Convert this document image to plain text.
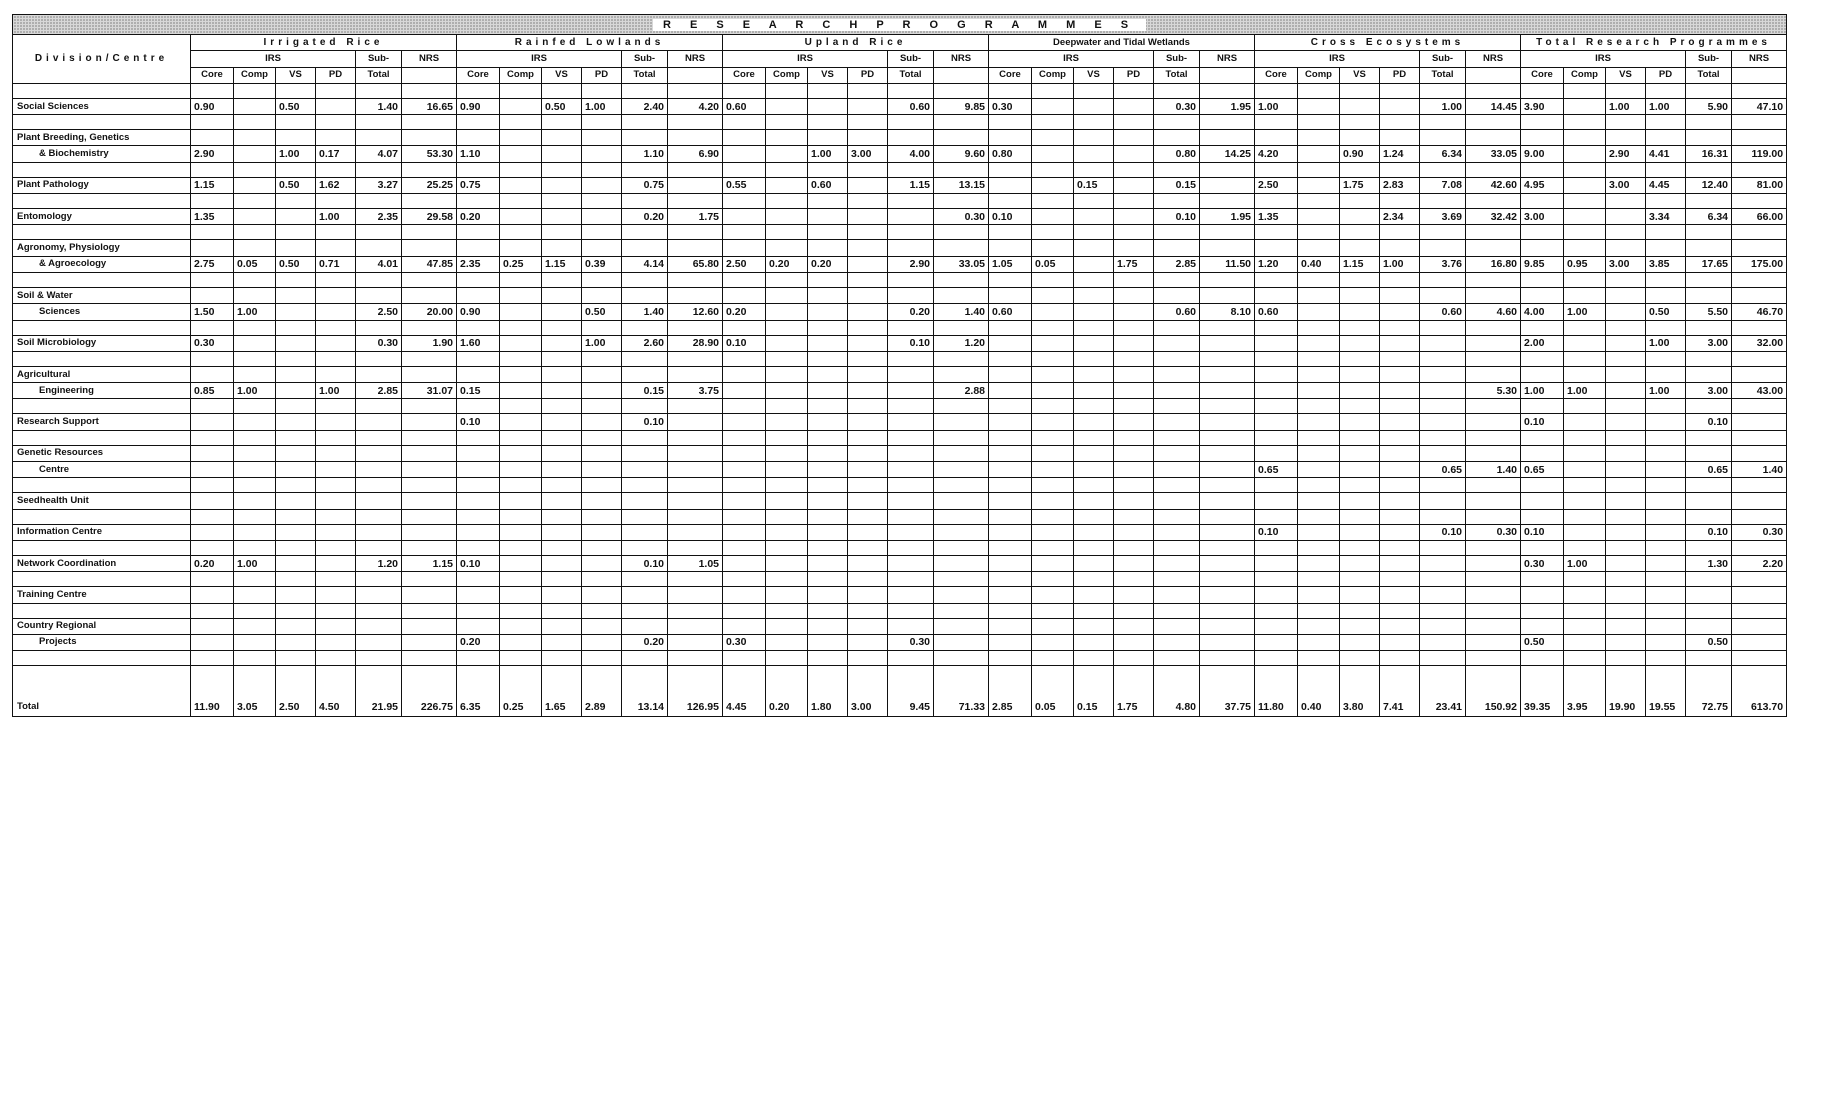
R E S E A R C H P R O G R A M M E S																																				
Division/Centre	Irrigated Rice						Rainfed Lowlands						Upland Rice						Deepwater and Tidal Wetlands						Cross Ecosystems						Total Research Programmes					
	IRS				Sub-	NRS	IRS				Sub-	NRS	IRS				Sub-	NRS	IRS				Sub-	NRS	IRS				Sub-	NRS	IRS				Sub-	NRS
	Core	Comp	VS	PD	Total		Core	Comp	VS	PD	Total		Core	Comp	VS	PD	Total		Core	Comp	VS	PD	Total		Core	Comp	VS	PD	Total		Core	Comp	VS	PD	Total	

Social Sciences	0.90		0.50		1.40	16.65	0.90		0.50	1.00	2.40	4.20	0.60				0.60	9.85	0.30				0.30	1.95	1.00				1.00	14.45	3.90		1.00	1.00	5.90	47.10

Plant Breeding, Genetics																																				
& Biochemistry	2.90		1.00	0.17	4.07	53.30	1.10				1.10	6.90			1.00	3.00	4.00	9.60	0.80				0.80	14.25	4.20		0.90	1.24	6.34	33.05	9.00		2.90	4.41	16.31	119.00

Plant Pathology	1.15		0.50	1.62	3.27	25.25	0.75				0.75		0.55		0.60		1.15	13.15			0.15		0.15		2.50		1.75	2.83	7.08	42.60	4.95		3.00	4.45	12.40	81.00

Entomology	1.35			1.00	2.35	29.58	0.20				0.20	1.75						0.30	0.10				0.10	1.95	1.35			2.34	3.69	32.42	3.00			3.34	6.34	66.00

Agronomy, Physiology																																				
& Agroecology	2.75	0.05	0.50	0.71	4.01	47.85	2.35	0.25	1.15	0.39	4.14	65.80	2.50	0.20	0.20		2.90	33.05	1.05	0.05		1.75	2.85	11.50	1.20	0.40	1.15	1.00	3.76	16.80	9.85	0.95	3.00	3.85	17.65	175.00

Soil & Water																																				
Sciences	1.50	1.00			2.50	20.00	0.90			0.50	1.40	12.60	0.20				0.20	1.40	0.60				0.60	8.10	0.60				0.60	4.60	4.00	1.00		0.50	5.50	46.70

Soil Microbiology	0.30				0.30	1.90	1.60			1.00	2.60	28.90	0.10				0.10	1.20													2.00			1.00	3.00	32.00

Agricultural																																				
Engineering	0.85	1.00		1.00	2.85	31.07	0.15				0.15	3.75						2.88												5.30	1.00	1.00		1.00	3.00	43.00

Research Support							0.10				0.10																				0.10				0.10	

Genetic Resources																																				
Centre																									0.65				0.65	1.40	0.65				0.65	1.40

Seedhealth Unit																																				

Information Centre																									0.10				0.10	0.30	0.10				0.10	0.30

Network Coordination	0.20	1.00			1.20	1.15	0.10				0.10	1.05																			0.30	1.00			1.30	2.20

Training Centre																																				

Country Regional																																				
Projects							0.20				0.20		0.30				0.30														0.50				0.50	

Total	11.90	3.05	2.50	4.50	21.95	226.75	6.35	0.25	1.65	2.89	13.14	126.95	4.45	0.20	1.80	3.00	9.45	71.33	2.85	0.05	0.15	1.75	4.80	37.75	11.80	0.40	3.80	7.41	23.41	150.92	39.35	3.95	19.90	19.55	72.75	613.70
